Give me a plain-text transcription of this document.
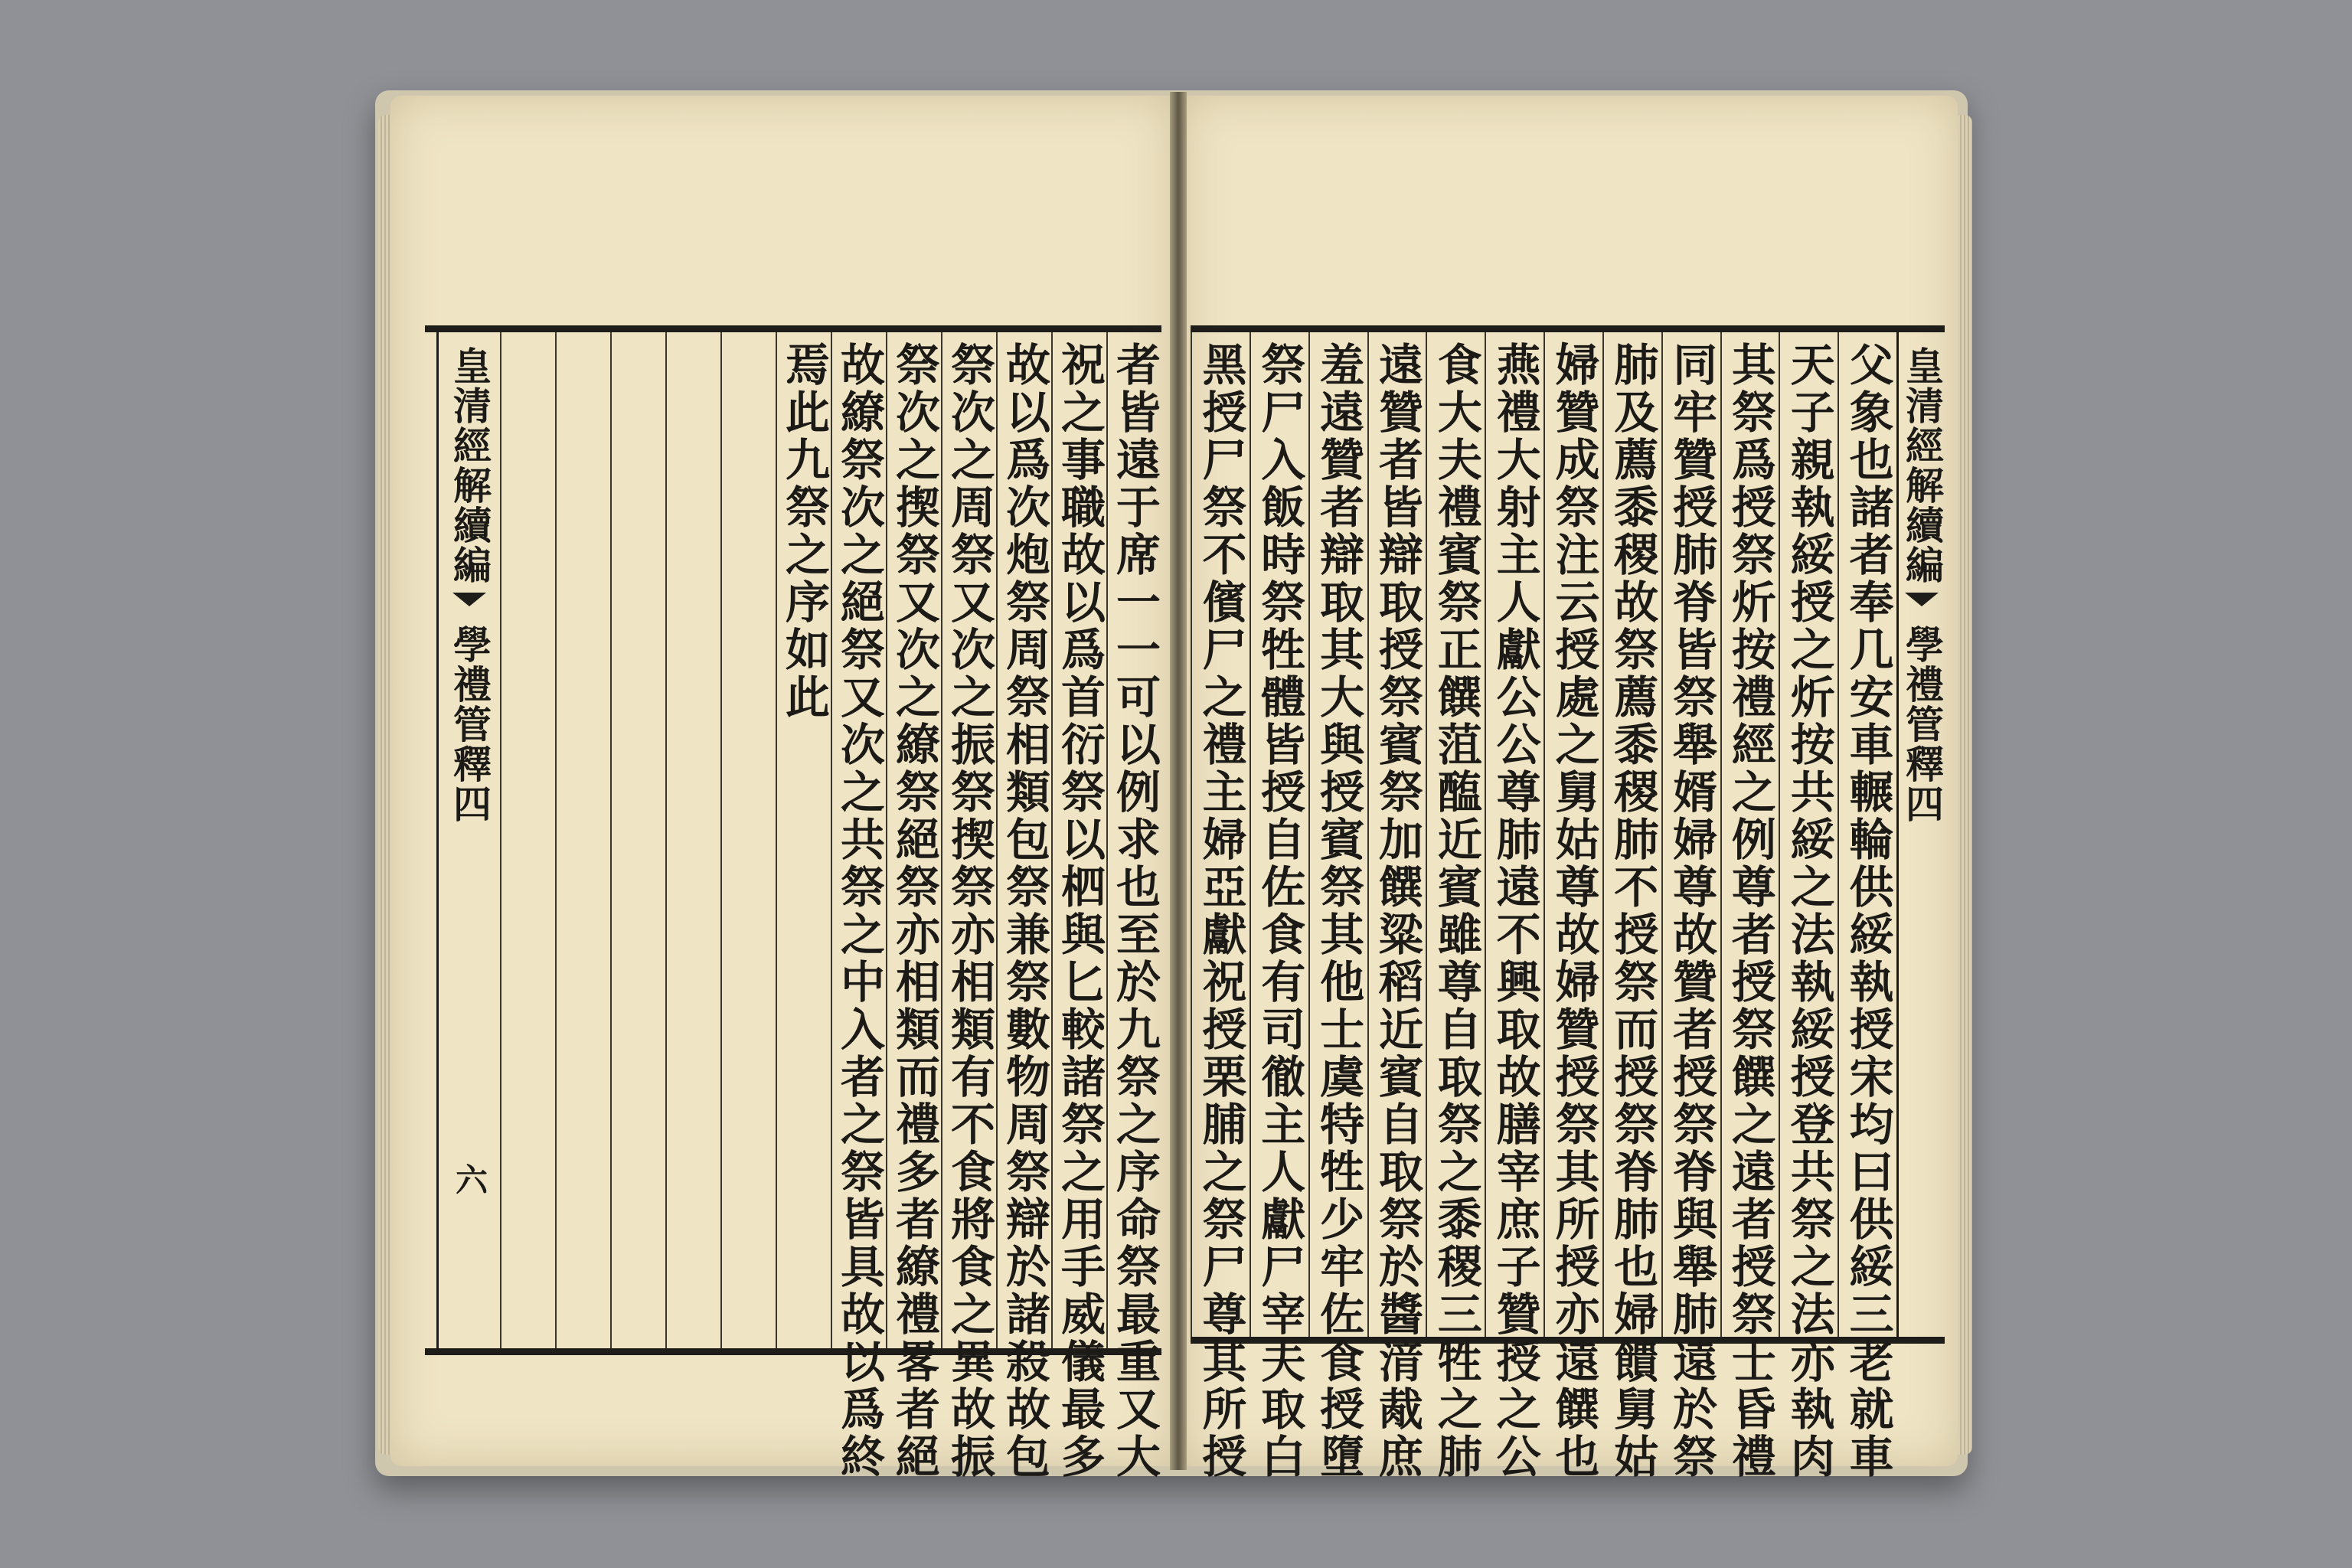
者皆遠于席一一可以例求也至於九祭之序命祭最重又大
祝之事職故以爲首衍祭以柶與匕較諸祭之用手威儀最多
故以爲次炮祭周祭相類包祭兼祭數物周祭辯於諸殺故包
祭次之周祭又次之振祭揳祭亦相類有不食將食之異故振
祭次之揳祭又次之繚祭絕祭亦相類而禮多者繚禮畧者絕
故繚祭次之絕祭又次之共祭之中入者之祭皆具故以爲終
焉此九祭之序如此
皇清經解續編
學禮管釋四
六
皇清經解續編
學禮管釋四
父象也諸者奉几安車輾輪供綏執授宋均曰供綏三老就車
天子親執綏授之炘按共綏之法執綏授登共祭之法亦執肉
其祭爲授祭炘按禮經之例尊者授祭饌之遠者授祭士昏禮
同牢贊授肺脊皆祭舉婿婦尊故贊者授祭脊與舉肺遠於祭
肺及薦黍稷故祭薦黍稷肺不授祭而授祭脊肺也婦饋舅姑
婦贊成祭注云授處之舅姑尊故婦贊授祭其所授亦遠饌也
燕禮大射主人獻公公尊肺遠不興取故膳宰庶子贊授之公
食大夫禮賓祭正饌菹醢近賓雖尊自取祭之黍稷三牲之肺
遠贊者皆辯取授祭賓祭加饌粱稻近賓自取祭於醬湇胾庶
羞遠贊者辯取其大與授賓祭其他士虞特牲少牢佐食授墮
祭尸入飯時祭牲體皆授自佐食有司徹主人獻尸宰夫取白
黑授尸祭不儐尸之禮主婦亞獻祝授栗脯之祭尸尊其所授
